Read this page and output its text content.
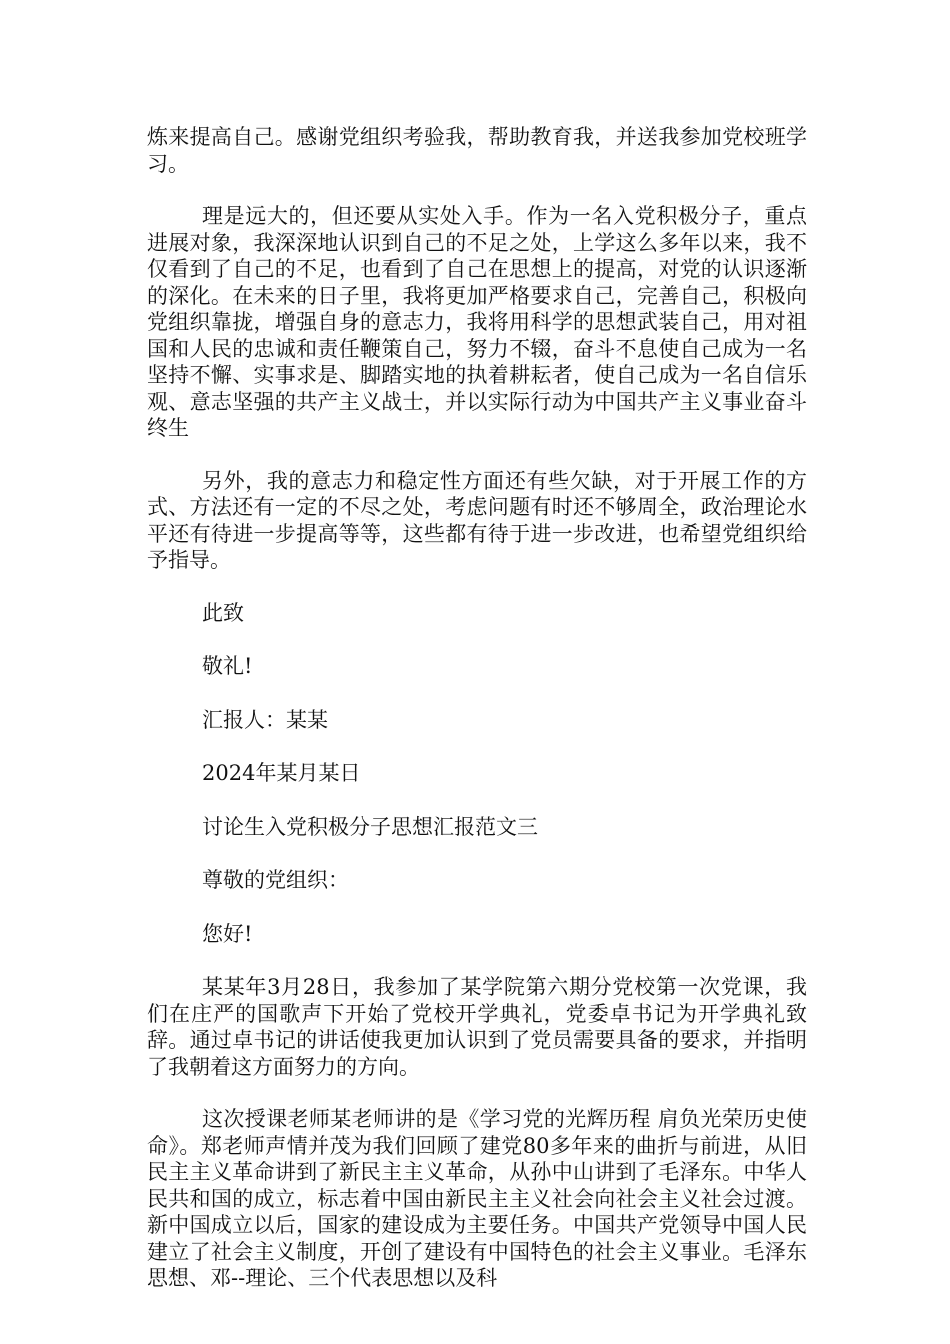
炼来提高自己。感谢党组织考验我，帮助教育我，并送我参加党校班学习。

理是远大的，但还要从实处入手。作为一名入党积极分子，重点进展对象，我深深地认识到自己的不足之处，上学这么多年以来，我不仅看到了自己的不足，也看到了自己在思想上的提高，对党的认识逐渐的深化。在未来的日子里，我将更加严格要求自己，完善自己，积极向党组织靠拢，增强自身的意志力，我将用科学的思想武装自己，用对祖国和人民的忠诚和责任鞭策自己，努力不辍，奋斗不息使自己成为一名坚持不懈、实事求是、脚踏实地的执着耕耘者，使自己成为一名自信乐观、意志坚强的共产主义战士，并以实际行动为中国共产主义事业奋斗终生

另外，我的意志力和稳定性方面还有些欠缺，对于开展工作的方式、方法还有一定的不尽之处，考虑问题有时还不够周全，政治理论水平还有待进一步提高等等，这些都有待于进一步改进，也希望党组织给予指导。

此致

敬礼!

汇报人：某某

2024年某月某日

讨论生入党积极分子思想汇报范文三

尊敬的党组织：

您好!

某某年3月28日，我参加了某学院第六期分党校第一次党课，我们在庄严的国歌声下开始了党校开学典礼，党委卓书记为开学典礼致辞。通过卓书记的讲话使我更加认识到了党员需要具备的要求，并指明了我朝着这方面努力的方向。

这次授课老师某老师讲的是《学习党的光辉历程 肩负光荣历史使命》。郑老师声情并茂为我们回顾了建党80多年来的曲折与前进，从旧民主主义革命讲到了新民主主义革命，从孙中山讲到了毛泽东。中华人民共和国的成立，标志着中国由新民主主义社会向社会主义社会过渡。新中国成立以后，国家的建设成为主要任务。中国共产党领导中国人民建立了社会主义制度，开创了建设有中国特色的社会主义事业。毛泽东思想、邓--理论、三个代表思想以及科
